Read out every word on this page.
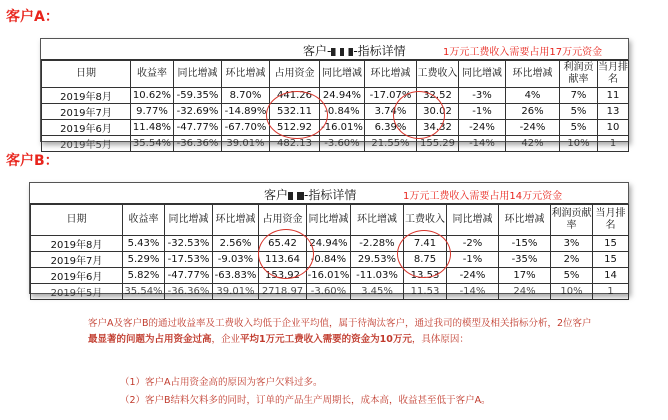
客户A：
客户- -指标详情	1万元工费收入需要占用17万元资金
日期	收益率	同比增减	环比增减	占用资金	同比增减	环比增减	工费收入	同比增减	环比增减	利润贡献率	当月排名
2019年8月	10.62%	-59.35%	8.70%	441.26	24.94%	-17.07%	32.52	-3%	4%	7%	11
2019年7月	9.77%	-32.69%	-14.89%	532.11	-0.84%	3.74%	30.02	-1%	26%	5%	13
2019年6月	11.48%	-47.77%	-67.70%	512.92	-16.01%	6.39%	34.32	-24%	-24%	5%	10
2019年5月	35.54%	-36.36%	39.01%	482.13	-3.60%	21.55%	155.29	-14%	42%	10%	1
客户B：
客户 -指标详情	1万元工费收入需要占用14万元资金
日期	收益率	同比增减	环比增减	占用资金	同比增减	环比增减	工费收入	同比增减	环比增减	利润贡献率	当月排名
2019年8月	5.43%	-32.53%	2.56%	65.42	24.94%	-2.28%	7.41	-2%	-15%	3%	15
2019年7月	5.29%	-17.53%	-9.03%	113.64	-0.84%	29.53%	8.75	-1%	-35%	2%	15
2019年6月	5.82%	-47.77%	-63.83%	153.92	-16.01%	-11.03%	13.53	-24%	17%	5%	14
2019年5月	35.54%	-36.36%	39.01%	2718.97	-3.60%	3.45%	11.53	-14%	24%	10%	1
客户A及客户B的通过收益率及工费收入均低于企业平均值，属于待淘汰客户，通过我司的模型及相关指标分析，2位客户最显著的问题为占用资金过高，企业平均1万元工费收入需要的资金为10万元，具体原因：
（1）客户A占用资金高的原因为客户欠料过多。
（2）客户B结料欠料多的同时，订单的产品生产周期长，成本高，收益甚至低于客户A。
